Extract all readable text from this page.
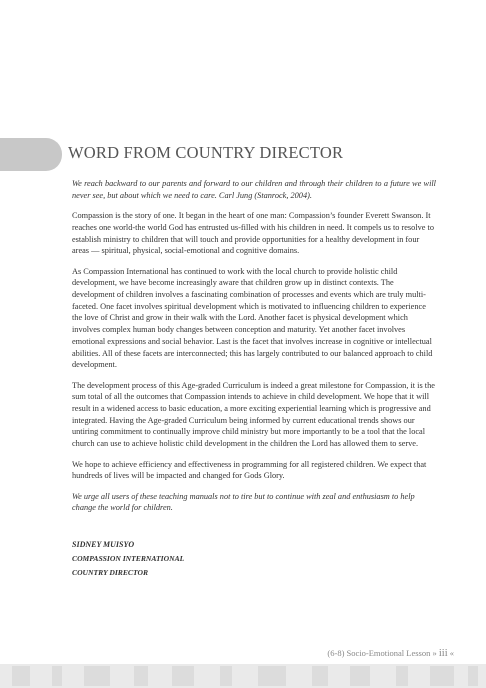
WORD FROM COUNTRY DIRECTOR

We reach backward to our parents and forward to our children and through their children to a future we will never see, but about which we need to care. Carl Jung (Stanrock, 2004).

Compassion is the story of one. It began in the heart of one man: Compassion’s founder Everett Swanson. It reaches one world-the world God has entrusted us-filled with his children in need. It compels us to resolve to establish ministry to children that will touch and provide opportunities for a healthy development in four areas — spiritual, physical, social-emotional and cognitive domains.

As Compassion International has continued to work with the local church to provide holistic child development, we have become increasingly aware that children grow up in distinct contexts. The development of children involves a fascinating combination of processes and events which are truly multi-faceted. One facet involves spiritual development which is motivated to influencing children to experience the love of Christ and grow in their walk with the Lord. Another facet is physical development which involves complex human body changes between conception and maturity. Yet another facet involves emotional expressions and social behavior. Last is the facet that involves increase in cognitive or intellectual abilities. All of these facets are interconnected; this has largely contributed to our balanced approach to child development.

The development process of this Age-graded Curriculum is indeed a great milestone for Compassion, it is the sum total of all the outcomes that Compassion intends to achieve in child development. We hope that it will result in a widened access to basic education, a more exciting experiential learning which is progressive and integrated. Having the Age-graded Curriculum being informed by current educational trends shows our untiring commitment to continually improve child ministry but more importantly to be a tool that the local church can use to achieve holistic child development in the children the Lord has allowed them to serve.

We hope to achieve efficiency and effectiveness in programming for all registered children. We expect that hundreds of lives will be impacted and changed for Gods Glory.

We urge all users of these teaching manuals not to tire but to continue with zeal and enthusiasm to help change the world for children.

SIDNEY MUISYO
COMPASSION INTERNATIONAL
COUNTRY DIRECTOR
(6-8) Socio-Emotional Lesson » iii «
